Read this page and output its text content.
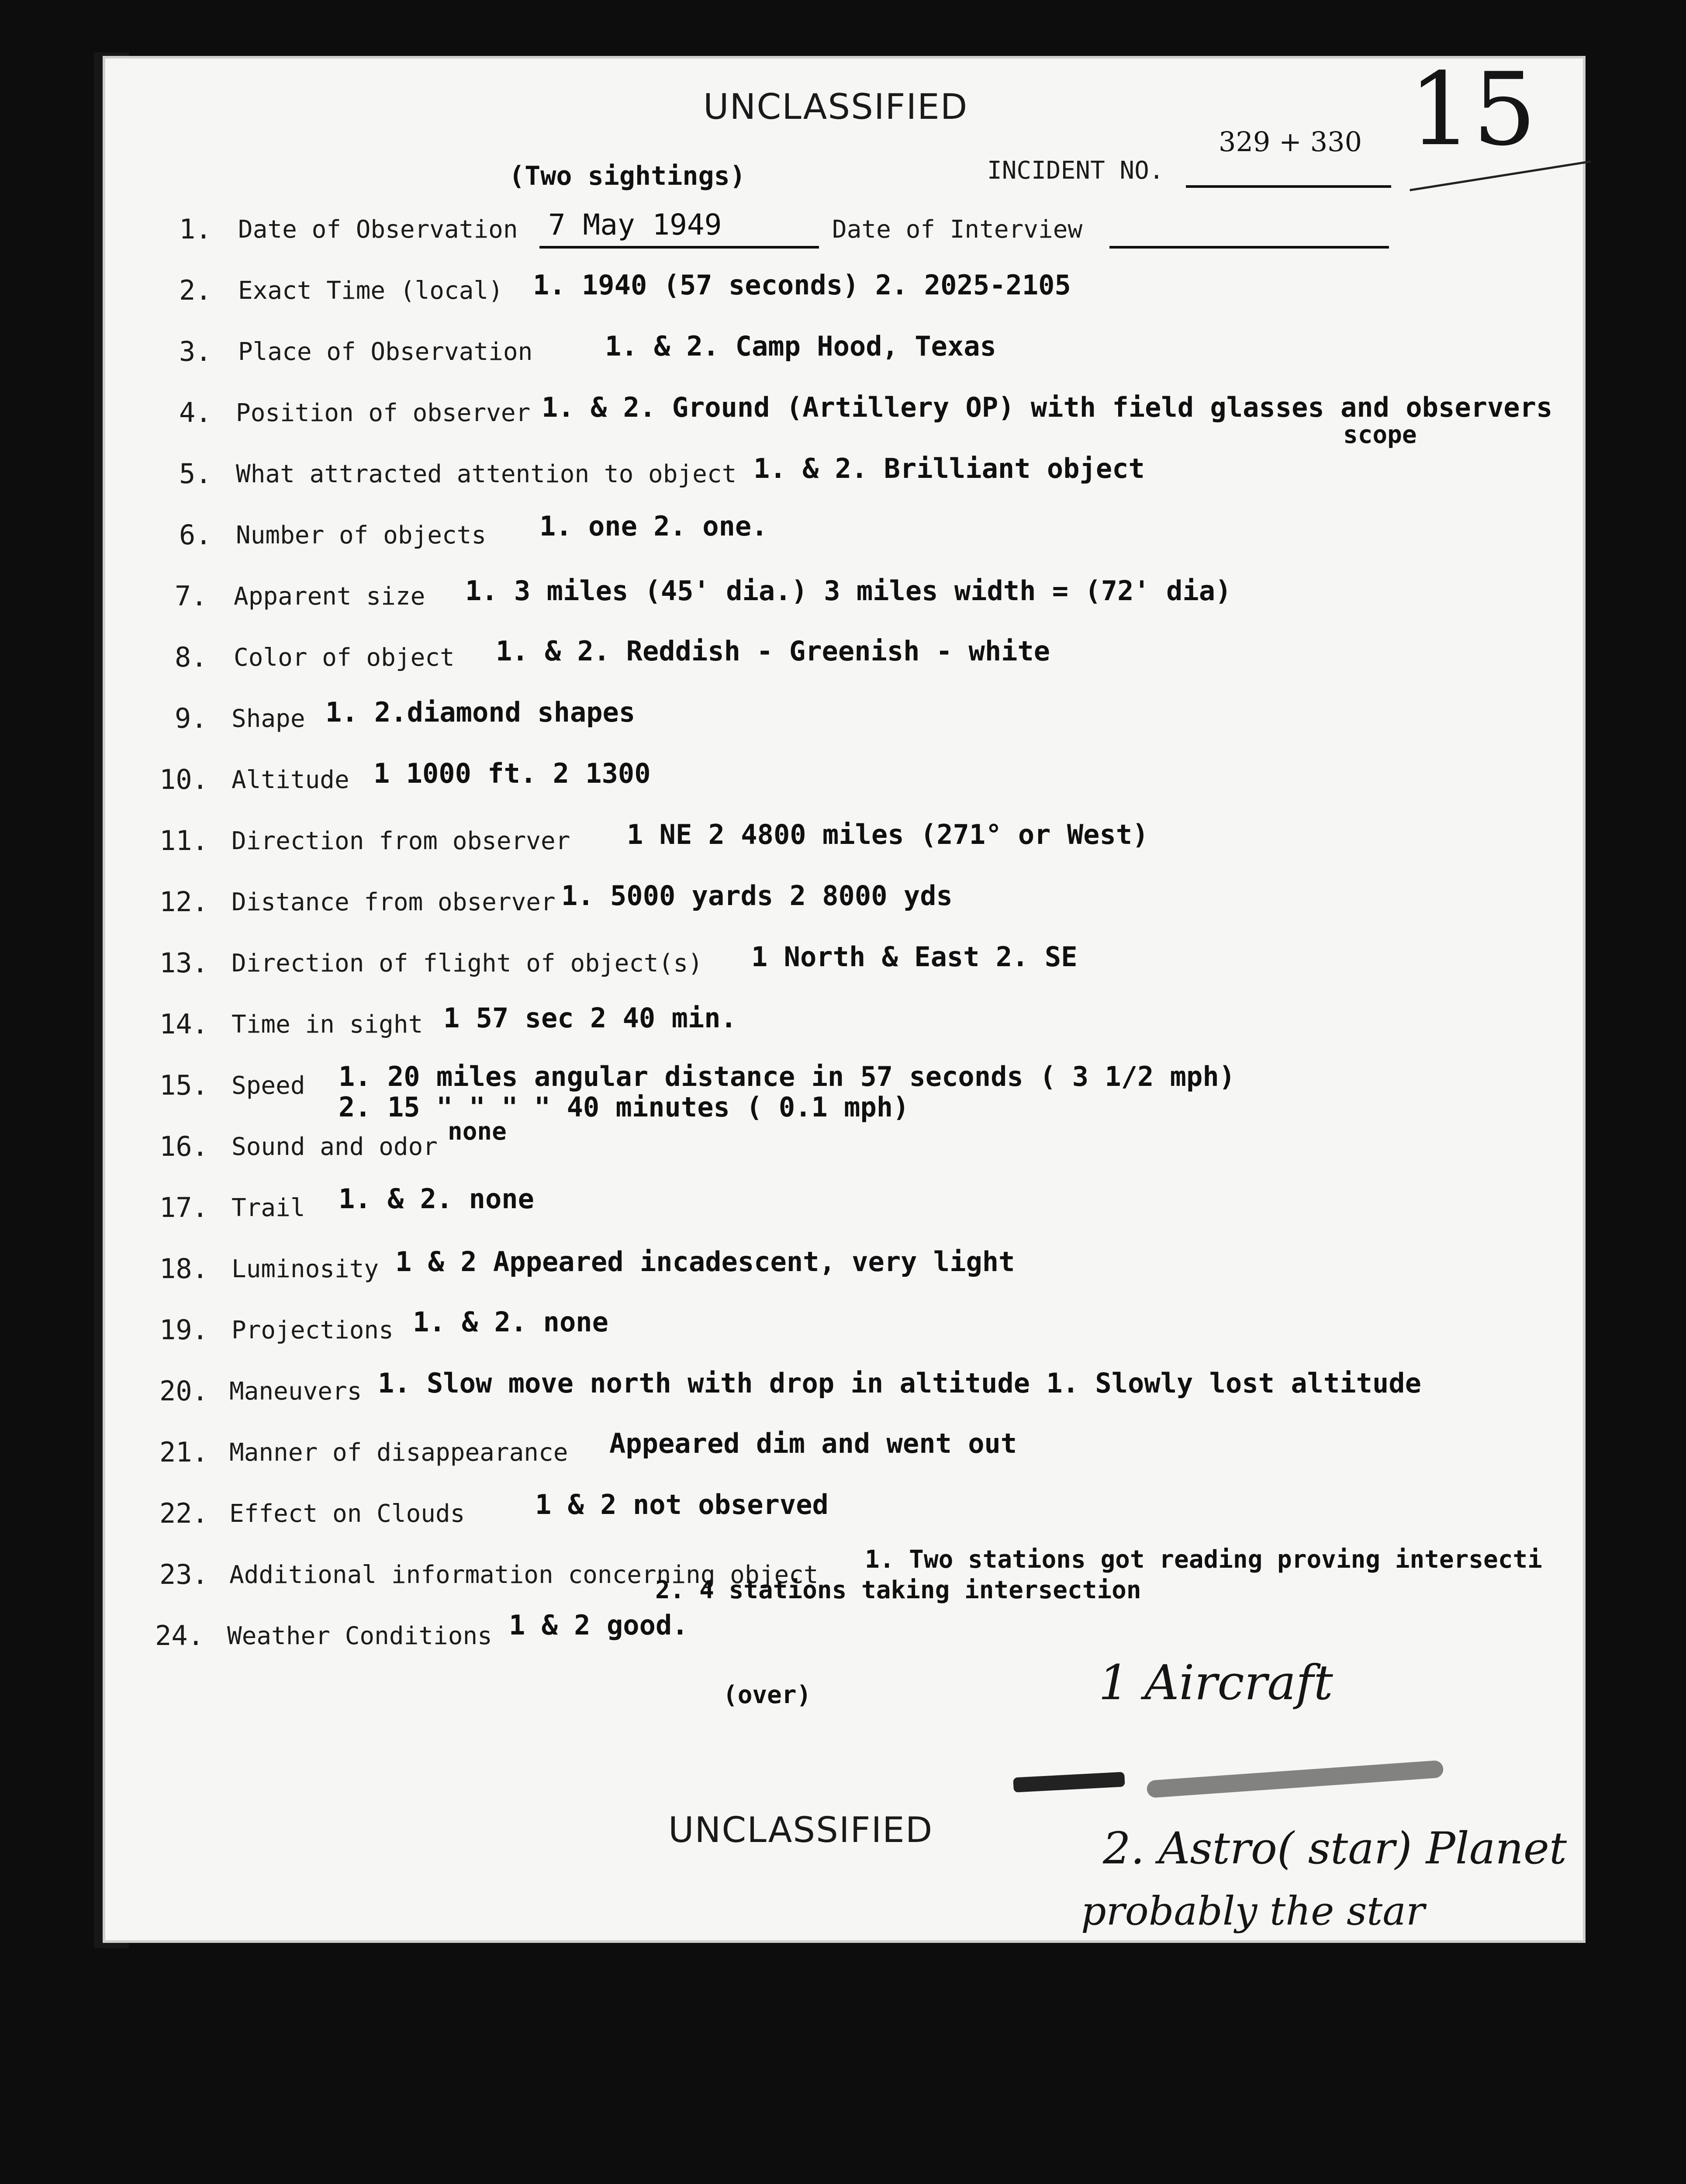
UNCLASSIFIED
(Two sightings)	INCIDENT NO.
329 + 330 15
1. Date of Observation 7 May 1949	Date of Interview
2. Exact Time (local) 1. 1940 (57 seconds) 2. 2025-2105
3. Place of Observation	1. & 2. Camp Hood, Texas
4. Position of observer 1. & 2. Ground (Artillery OP) with field glasses and observers
scope
5. What attracted attention to object 1. & 2. Brilliant object
6. Number of objects 1. one 2. one.
7. Apparent size 1. 3 miles (45' dia.) 3 miles width = (72' dia)
8. Color of object 1. & 2. Reddish - Greenish - white
9. Shape 1. 2.diamond shapes
10. Altitude 1 1000 ft. 2 1300
11. Direction from observer 1 NE 2 4800 miles (271° or West)
12. Distance from observer 1. 5000 yards 2 8000 yds
13. Direction of flight of object(s) 1 North & East 2. SE
14. Time in sight 1 57 sec 2 40 min.
15. Speed 1. 20 miles angular distance in 57 seconds ( 3 1/2 mph)
2. 15 " " " " 40 minutes ( 0.1 mph)
16. Sound and odor
none
17. Trail 1. & 2. none
18. Luminosity 1 & 2 Appeared incadescent, very light
19. Projections 1. & 2. none
20. Maneuvers 1. Slow move north with drop in altitude 1. Slowly lost altitude
21. Manner of disappearance Appeared dim and went out
22. Effect on Clouds	1 & 2 not observed
23. Additional information concerning object
1. Two stations got reading proving intersecti
2. 4 stations taking intersection
24. Weather Conditions 1 & 2 good.
(over)
UNCLASSIFIED
1 Aircraft
2. Astro( star) Planet
probably the star
